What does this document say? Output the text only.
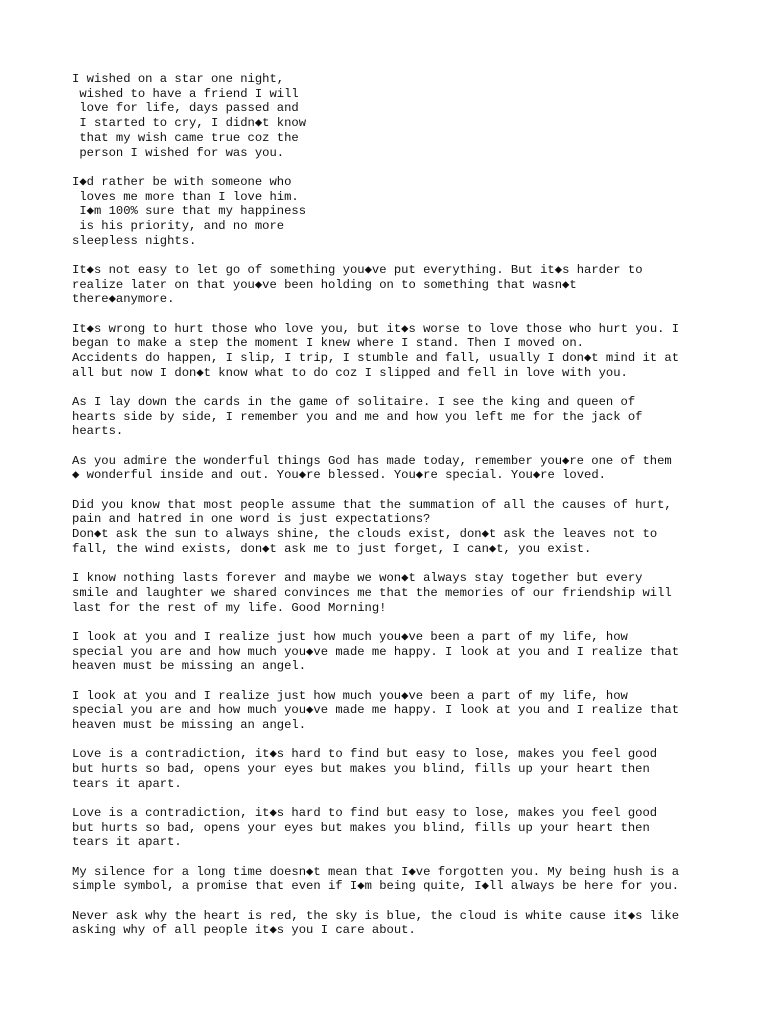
I wished on a star one night,
wished to have a friend I will
love for life, days passed and
I started to cry, I didn◆t know
that my wish came true coz the
person I wished for was you.

I◆d rather be with someone who
loves me more than I love him.
I◆m 100% sure that my happiness
is his priority, and no more
sleepless nights.

It◆s not easy to let go of something you◆ve put everything. But it◆s harder to
realize later on that you◆ve been holding on to something that wasn◆t
there◆anymore.

It◆s wrong to hurt those who love you, but it◆s worse to love those who hurt you. I
began to make a step the moment I knew where I stand. Then I moved on.
Accidents do happen, I slip, I trip, I stumble and fall, usually I don◆t mind it at
all but now I don◆t know what to do coz I slipped and fell in love with you.

As I lay down the cards in the game of solitaire. I see the king and queen of
hearts side by side, I remember you and me and how you left me for the jack of
hearts.

As you admire the wonderful things God has made today, remember you◆re one of them
◆ wonderful inside and out. You◆re blessed. You◆re special. You◆re loved.

Did you know that most people assume that the summation of all the causes of hurt,
pain and hatred in one word is just expectations?
Don◆t ask the sun to always shine, the clouds exist, don◆t ask the leaves not to
fall, the wind exists, don◆t ask me to just forget, I can◆t, you exist.

I know nothing lasts forever and maybe we won◆t always stay together but every
smile and laughter we shared convinces me that the memories of our friendship will
last for the rest of my life. Good Morning!

I look at you and I realize just how much you◆ve been a part of my life, how
special you are and how much you◆ve made me happy. I look at you and I realize that
heaven must be missing an angel.

I look at you and I realize just how much you◆ve been a part of my life, how
special you are and how much you◆ve made me happy. I look at you and I realize that
heaven must be missing an angel.

Love is a contradiction, it◆s hard to find but easy to lose, makes you feel good
but hurts so bad, opens your eyes but makes you blind, fills up your heart then
tears it apart.

Love is a contradiction, it◆s hard to find but easy to lose, makes you feel good
but hurts so bad, opens your eyes but makes you blind, fills up your heart then
tears it apart.

My silence for a long time doesn◆t mean that I◆ve forgotten you. My being hush is a
simple symbol, a promise that even if I◆m being quite, I◆ll always be here for you.

Never ask why the heart is red, the sky is blue, the cloud is white cause it◆s like
asking why of all people it◆s you I care about.
